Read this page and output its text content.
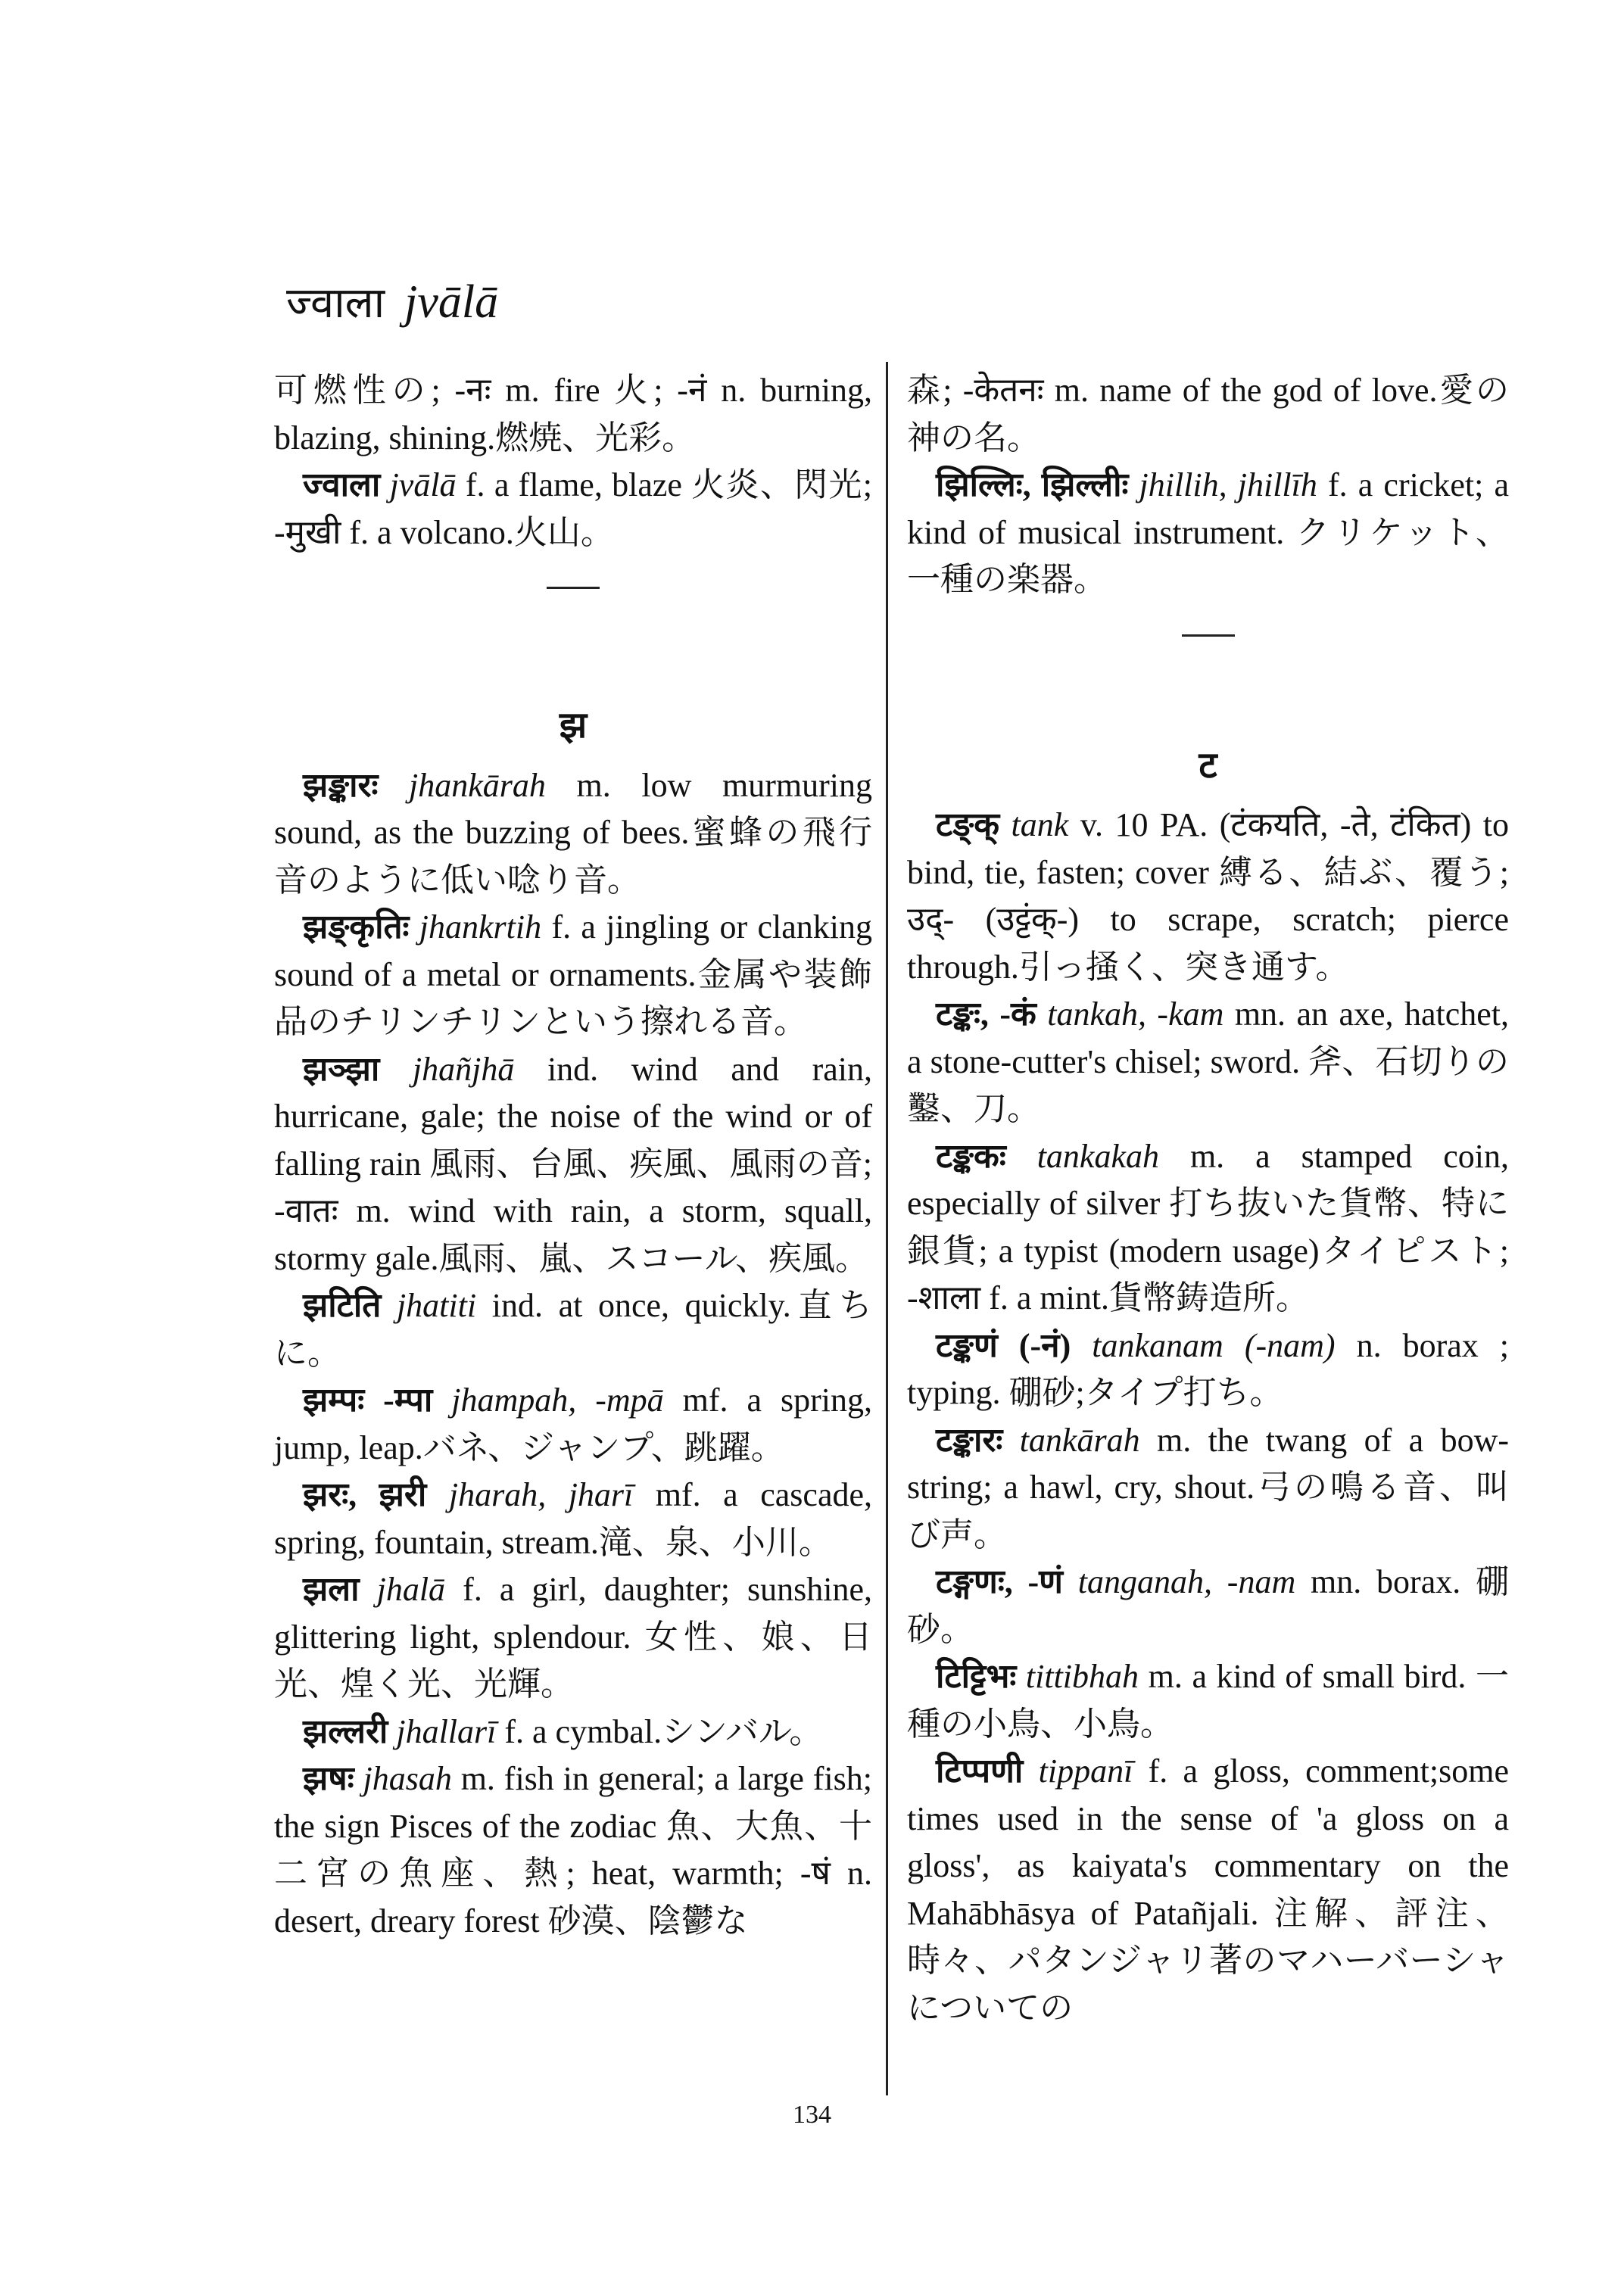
ज्वाला jvālā
可燃性の; -नः m. fire 火; -नं n. burning, blazing, shining.燃焼、光彩。
ज्वाला jvālā f. a flame, blaze 火炎、閃光; -मुखी f. a volcano.火山。
झ
झङ्कारः jhankārah m. low murmuring sound, as the buzzing of bees.蜜蜂の飛行音のように低い唸り音。
झङ्कृतिः jhankrtih f. a jingling or clanking sound of a metal or ornaments.金属や装飾品のチリンチリンという擦れる音。
झञ्झा jhañjhā ind. wind and rain, hurricane, gale; the noise of the wind or of falling rain 風雨、台風、疾風、風雨の音; -वातः m. wind with rain, a storm, squall, stormy gale.風雨、嵐、スコール、疾風。
झटिति jhatiti ind. at once, quickly.直ちに。
झम्पः -म्पा jhampah, -mpā mf. a spring, jump, leap.バネ、ジャンプ、跳躍。
झरः, झरी jharah, jharī mf. a cascade, spring, fountain, stream.滝、泉、小川。
झला jhalā f. a girl, daughter; sunshine, glittering light, splendour. 女性、娘、日光、煌く光、光輝。
झल्लरी jhallarī f. a cymbal.シンバル。
झषः jhasah m. fish in general; a large fish; the sign Pisces of the zodiac 魚、大魚、十二宮の魚座、熱; heat, warmth; -षं n. desert, dreary forest 砂漠、陰鬱な
森; -केतनः m. name of the god of love.愛の神の名。
झिल्लिः, झिल्लीः jhillih, jhillīh f. a cricket; a kind of musical instrument. クリケット、一種の楽器。
ट
टङ्क् tank v. 10 PA. (टंकयति, -ते, टंकित) to bind, tie, fasten; cover 縛る、結ぶ、覆う; उद्- (उट्टंक्-) to scrape, scratch; pierce through.引っ掻く、突き通す。
टङ्कः, -कं tankah, -kam mn. an axe, hatchet, a stone-cutter's chisel; sword. 斧、石切りの鑿、刀。
टङ्ककः tankakah m. a stamped coin, especially of silver 打ち抜いた貨幣、特に銀貨; a typist (modern usage)タイピスト; -शाला f. a mint.貨幣鋳造所。
टङ्कणं (-नं) tankanam (-nam) n. borax ; typing. 硼砂;タイプ打ち。
टङ्कारः tankārah m. the twang of a bow-string; a hawl, cry, shout.弓の鳴る音、叫び声。
टङ्गणः, -णं tanganah, -nam mn. borax. 硼砂。
टिट्टिभः tittibhah m. a kind of small bird. 一種の小鳥、小鳥。
टिप्पणी tippanī f. a gloss, comment;some times used in the sense of 'a gloss on a gloss', as kaiyata's commentary on the Mahābhāsya of Patañjali. 注解、評注、時々、パタンジャリ著のマハーバーシャについての
134
